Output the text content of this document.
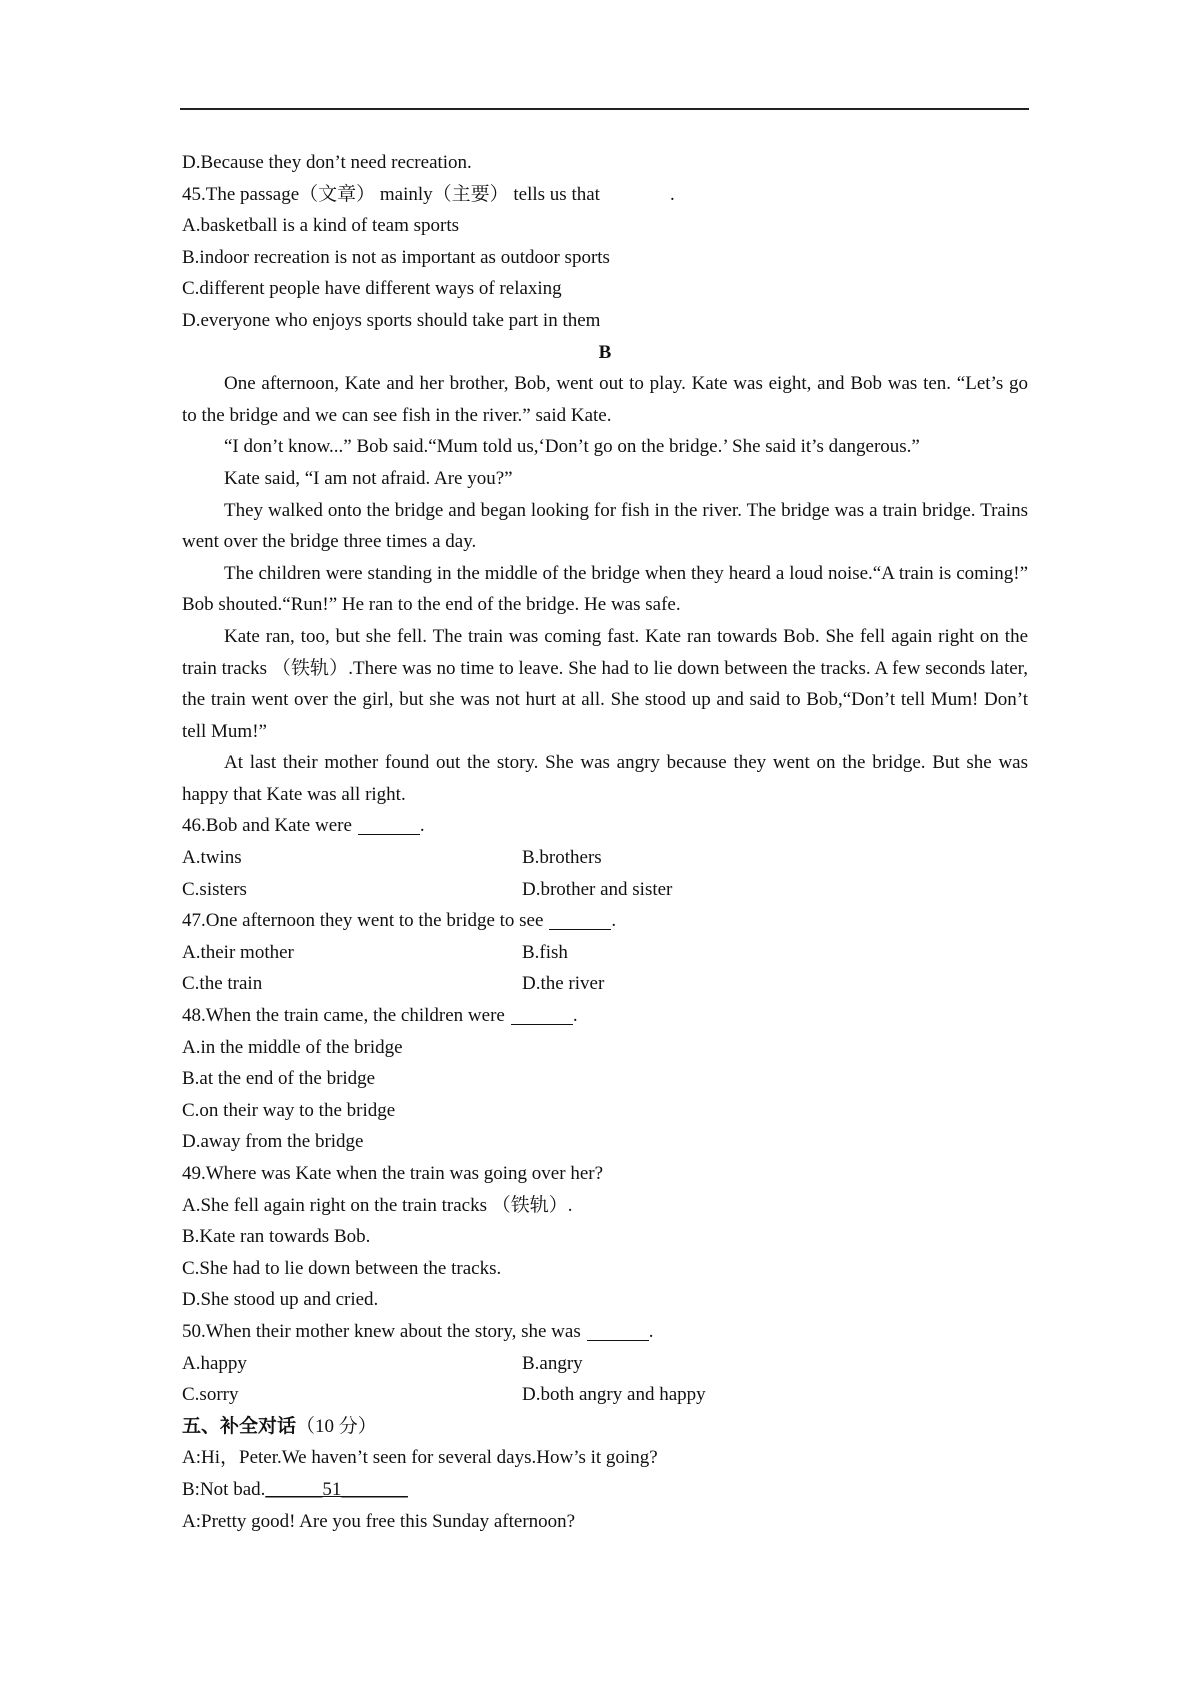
D.Because they don’t need recreation.
45.The passage（文章） mainly（主要） tells us that	.
A.basketball is a kind of team sports
B.indoor recreation is not as important as outdoor sports
C.different people have different ways of relaxing
D.everyone who enjoys sports should take part in them
B
One afternoon, Kate and her brother, Bob, went out to play. Kate was eight, and Bob was ten. “Let’s go to the bridge and we can see fish in the river.” said Kate.
“I don’t know...” Bob said.“Mum told us,‘Don’t go on the bridge.’ She said it’s dangerous.”
Kate said, “I am not afraid. Are you?”
They walked onto the bridge and began looking for fish in the river. The bridge was a train bridge. Trains went over the bridge three times a day.
The children were standing in the middle of the bridge when they heard a loud noise.“A train is coming!” Bob shouted.“Run!” He ran to the end of the bridge. He was safe.
Kate ran, too, but she fell. The train was coming fast. Kate ran towards Bob. She fell again right on the train tracks （铁轨）.There was no time to leave. She had to lie down between the tracks. A few seconds later, the train went over the girl, but she was not hurt at all. She stood up and said to Bob,“Don’t tell Mum! Don’t tell Mum!”
At last their mother found out the story. She was angry because they went on the bridge. But she was happy that Kate was all right.
46.Bob and Kate were	.
A.twins	B.brothers
C.sisters	D.brother and sister
47.One afternoon they went to the bridge to see	.
A.their mother	B.fish
C.the train	D.the river
48.When the train came, the children were	.
A.in the middle of the bridge
B.at the end of the bridge
C.on their way to the bridge
D.away from the bridge
49.Where was Kate when the train was going over her?
A.She fell again right on the train tracks （铁轨）.
B.Kate ran towards Bob.
C.She had to lie down between the tracks.
D.She stood up and cried.
50.When their mother knew about the story, she was	.
A.happy	B.angry
C.sorry	D.both angry and happy
五、补全对话（10 分）
A:Hi，Peter.We haven’t seen for several days.How’s it going?
B:Not bad.______51_______
A:Pretty good! Are you free this Sunday afternoon?
